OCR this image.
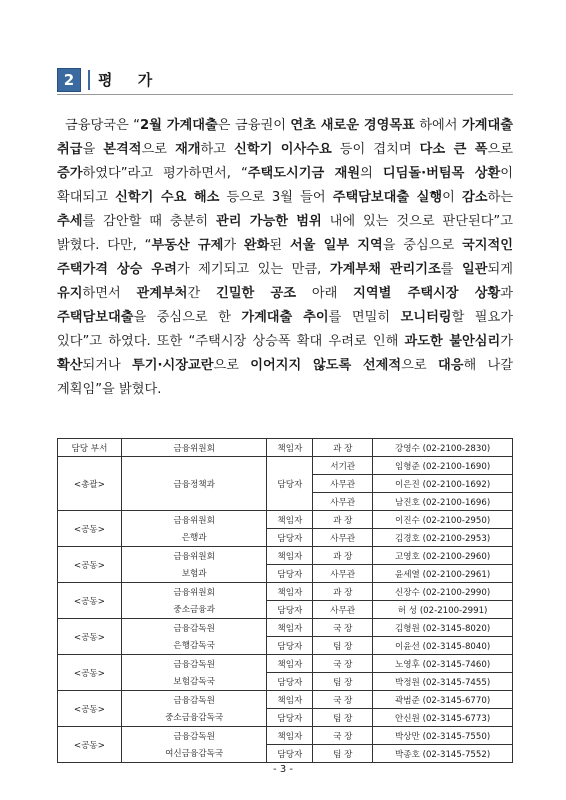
2	평 가
금융당국은 “2월 가계대출은 금융권이 연초 새로운 경영목표 하에서 가계대출 취급을 본격적으로 재개하고 신학기 이사수요 등이 겹치며 다소 큰 폭으로 증가하였다”라고 평가하면서, “주택도시기금 재원의 디딤돌·버팀목 상환이 확대되고 신학기 수요 해소 등으로 3월 들어 주택담보대출 실행이 감소하는 추세를 감안할 때 충분히 관리 가능한 범위 내에 있는 것으로 판단된다”고 밝혔다. 다만, “부동산 규제가 완화된 서울 일부 지역을 중심으로 국지적인 주택가격 상승 우려가 제기되고 있는 만큼, 가계부채 관리기조를 일관되게 유지하면서 관계부처간 긴밀한 공조 아래 지역별 주택시장 상황과 주택담보대출을 중심으로 한 가계대출 추이를 면밀히 모니터링할 필요가 있다”고 하였다. 또한 “주택시장 상승폭 확대 우려로 인해 과도한 불안심리가 확산되거나 투기·시장교란으로 이어지지 않도록 선제적으로 대응해 나갈 계획임”을 밝혔다.
담당 부서	금융위원회	책임자	과 장	강영수 (02-2100-2830)
<총괄>	금융정책과	담당자	서기관	임형준 (02-2100-1690)
			사무관	이은진 (02-2100-1692)
			사무관	남진호 (02-2100-1696)
<공동>	금융위원회	책임자	과 장	이진수 (02-2100-2950)
	은행과	담당자	사무관	김경호 (02-2100-2953)
<공동>	금융위원회	책임자	과 장	고영호 (02-2100-2960)
	보험과	담당자	사무관	윤세열 (02-2100-2961)
<공동>	금융위원회	책임자	과 장	신장수 (02-2100-2990)
	중소금융과	담당자	사무관	허 성 (02-2100-2991)
<공동>	금융감독원	책임자	국 장	김형원 (02-3145-8020)
	은행감독국	담당자	팀 장	이윤선 (02-3145-8040)
<공동>	금융감독원	책임자	국 장	노영후 (02-3145-7460)
	보험감독국	담당자	팀 장	박정원 (02-3145-7455)
<공동>	금융감독원	책임자	국 장	곽범준 (02-3145-6770)
	중소금융감독국	담당자	팀 장	안신원 (02-3145-6773)
<공동>	금융감독원	책임자	국 장	박상만 (02-3145-7550)
	여신금융감독국	담당자	팀 장	박종호 (02-3145-7552)
- 3 -
